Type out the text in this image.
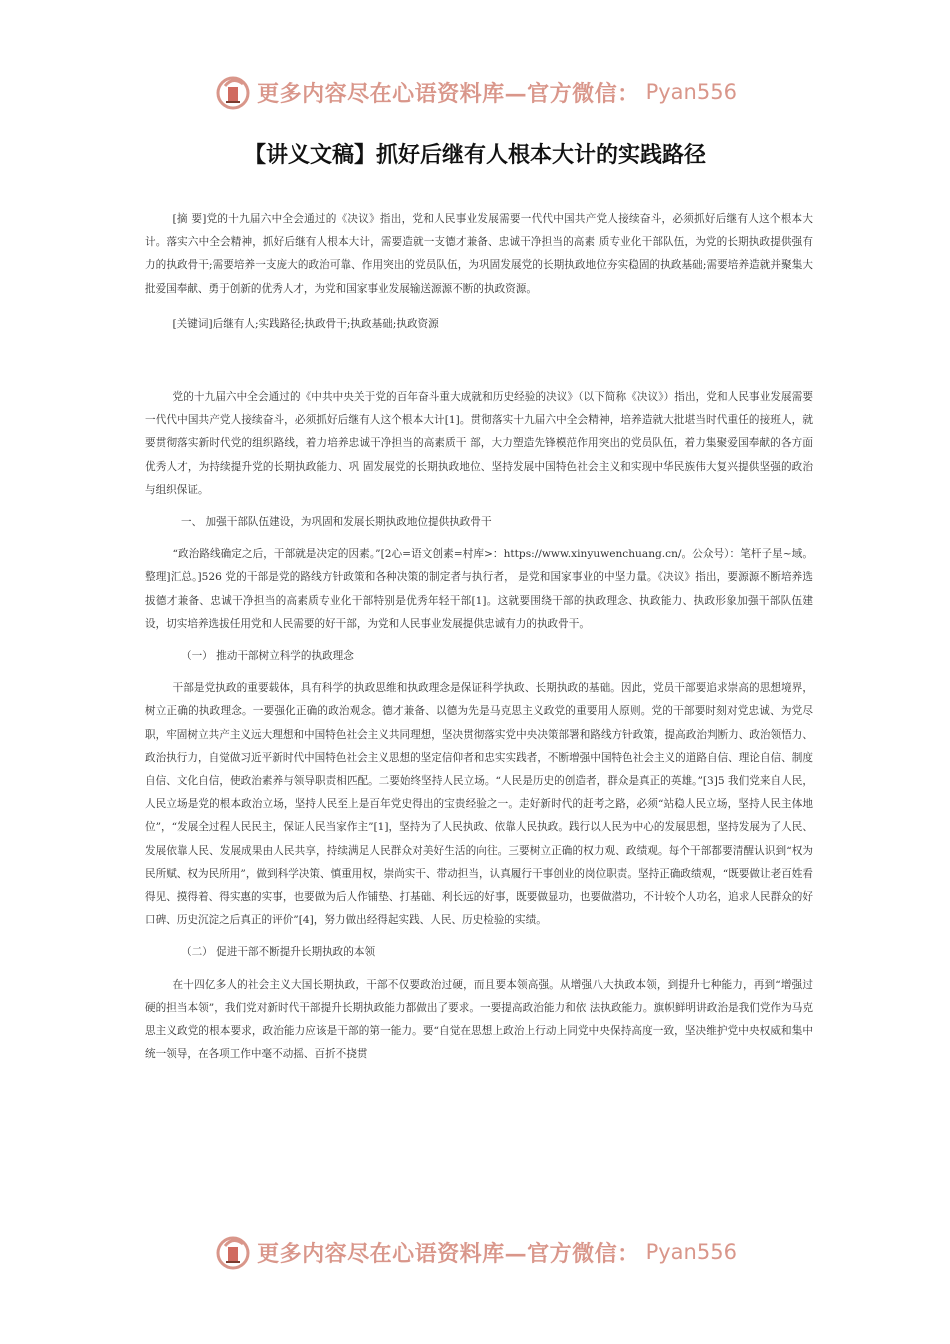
更多内容尽在心语资料库—官方微信： Pyan556
【讲义文稿】抓好后继有人根本大计的实践路径

[摘 要]党的十九届六中全会通过的《决议》指出，党和人民事业发展需要一代代中国共产党人接续奋斗，必须抓好后继有人这个根本大计。落实六中全会精神，抓好后继有人根本大计，需要造就一支德才兼备、忠诚干净担当的高素 质专业化干部队伍，为党的长期执政提供强有力的执政骨干;需要培养一支庞大的政治可靠、作用突出的党员队伍，为巩固发展党的长期执政地位夯实稳固的执政基础;需要培养造就并聚集大批爱国奉献、勇于创新的优秀人才，为党和国家事业发展输送源源不断的执政资源。

[关键词]后继有人;实践路径;执政骨干;执政基础;执政资源

党的十九届六中全会通过的《中共中央关于党的百年奋斗重大成就和历史经验的决议》（以下简称《决议》）指出，党和人民事业发展需要一代代中国共产党人接续奋斗，必须抓好后继有人这个根本大计[1]。贯彻落实十九届六中全会精神，培养造就大批堪当时代重任的接班人，就要贯彻落实新时代党的组织路线，着力培养忠诚干净担当的高素质干 部，大力塑造先锋模范作用突出的党员队伍，着力集聚爱国奉献的各方面优秀人才，为持续提升党的长期执政能力、巩 固发展党的长期执政地位、坚持发展中国特色社会主义和实现中华民族伟大复兴提供坚强的政治与组织保证。

一、 加强干部队伍建设，为巩固和发展长期执政地位提供执政骨干

“政治路线确定之后，干部就是决定的因素。”[2心=语文创素=村库>：https://www.xinyuwenchuang.cn/。公众号）：笔杆子星~域。整理]汇总。]526 党的干部是党的路线方针政策和各种决策的制定者与执行者， 是党和国家事业的中坚力量。《决议》指出，要源源不断培养选拔德才兼备、忠诚干净担当的高素质专业化干部特别是优秀年轻干部[1]。这就要围绕干部的执政理念、执政能力、执政形象加强干部队伍建设，切实培养选拔任用党和人民需要的好干部，为党和人民事业发展提供忠诚有力的执政骨干。

（一） 推动干部树立科学的执政理念

干部是党执政的重要载体，具有科学的执政思维和执政理念是保证科学执政、长期执政的基础。因此，党员干部要追求崇高的思想境界，树立正确的执政理念。一要强化正确的政治观念。德才兼备、以德为先是马克思主义政党的重要用人原则。党的干部要时刻对党忠诚、为党尽职，牢固树立共产主义远大理想和中国特色社会主义共同理想，坚决贯彻落实党中央决策部署和路线方针政策，提高政治判断力、政治领悟力、政治执行力，自觉做习近平新时代中国特色社会主义思想的坚定信仰者和忠实实践者，不断增强中国特色社会主义的道路自信、理论自信、制度自信、文化自信，使政治素养与领导职责相匹配。二要始终坚持人民立场。“人民是历史的创造者，群众是真正的英雄。”[3]5 我们党来自人民，人民立场是党的根本政治立场，坚持人民至上是百年党史得出的宝贵经验之一。走好新时代的赶考之路，必须“站稳人民立场，坚持人民主体地位”，“发展全过程人民民主，保证人民当家作主”[1]，坚持为了人民执政、依靠人民执政。践行以人民为中心的发展思想，坚持发展为了人民、发展依靠人民、发展成果由人民共享，持续满足人民群众对美好生活的向往。三要树立正确的权力观、政绩观。每个干部都要清醒认识到“权为民所赋、权为民所用”，做到科学决策、慎重用权，崇尚实干、带动担当，认真履行干事创业的岗位职责。坚持正确政绩观，“既要做让老百姓看得见、摸得着、得实惠的实事，也要做为后人作铺垫、打基础、利长远的好事，既要做显功，也要做潜功，不计较个人功名，追求人民群众的好口碑、历史沉淀之后真正的评价”[4]，努力做出经得起实践、人民、历史检验的实绩。

（二） 促进干部不断提升长期执政的本领

在十四亿多人的社会主义大国长期执政，干部不仅要政治过硬，而且要本领高强。从增强八大执政本领，到提升七种能力，再到“增强过硬的担当本领”，我们党对新时代干部提升长期执政能力都做出了要求。一要提高政治能力和依 法执政能力。旗帜鲜明讲政治是我们党作为马克思主义政党的根本要求，政治能力应该是干部的第一能力。要“自觉在思想上政治上行动上同党中央保持高度一致，坚决维护党中央权威和集中统一领导，在各项工作中毫不动摇、百折不挠贯

更多内容尽在心语资料库—官方微信： Pyan556
